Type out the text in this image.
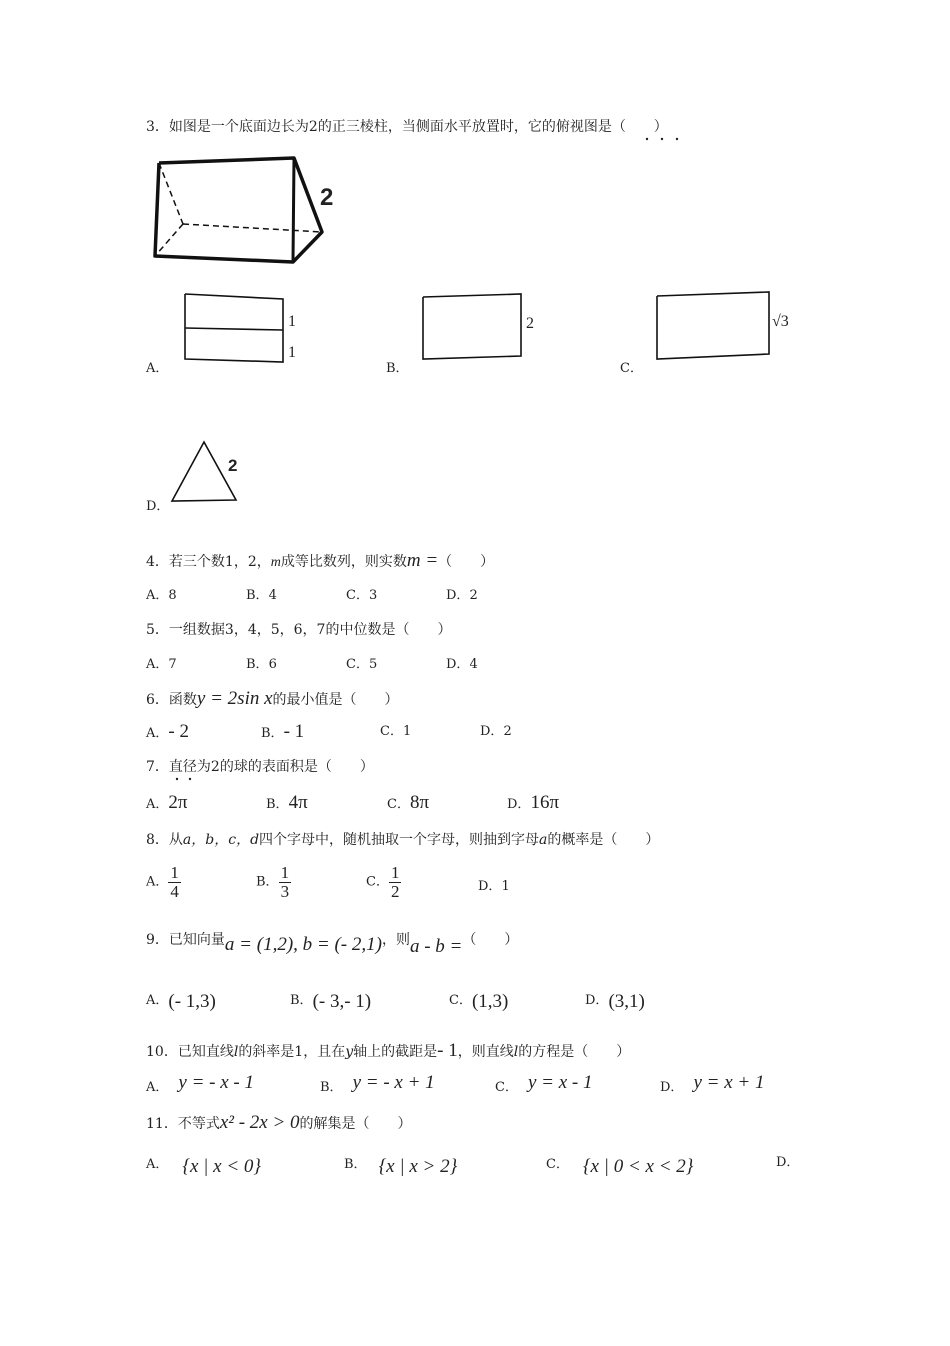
3．如图是一个底面边长为2的正三棱柱，当侧面水平放置时，它的俯视图是（　　）
2
A．
1
1
B．
2
C．
√3
D．
2
4．若三个数1，2，m成等比数列，则实数m =（　　）
A．8	B．4	C．3	D．2
5．一组数据3，4，5，6，7的中位数是（　　）
A．7	B．6	C．5	D．4
6．函数y = 2sin x的最小值是（　　）
A．- 2	B．- 1	C．1	D．2
7．直径为2的球的表面积是（　　）
A．2π	B．4π	C．8π	D．16π
8．从a，b，c，d四个字母中，随机抽取一个字母，则抽到字母a的概率是（　　）
A． $\frac{1}{4}$	B． $\frac{1}{3}$	C． $\frac{1}{2}$	D．1
9．已知向量a = (1,2), b = (- 2,1)，则a - b =（　　）
A．(- 1,3)	B．(- 3,- 1)	C．(1,3)	D．(3,1)
10．已知直线l的斜率是1，且在y轴上的截距是- 1，则直线l的方程是（　　）
A． y = - x - 1	B． y = - x + 1	C． y = x - 1	D． y = x + 1
11．不等式x² - 2x > 0的解集是（　　）
A． {x | x < 0}	B． {x | x > 2}	C． {x | 0 < x < 2}	D．
